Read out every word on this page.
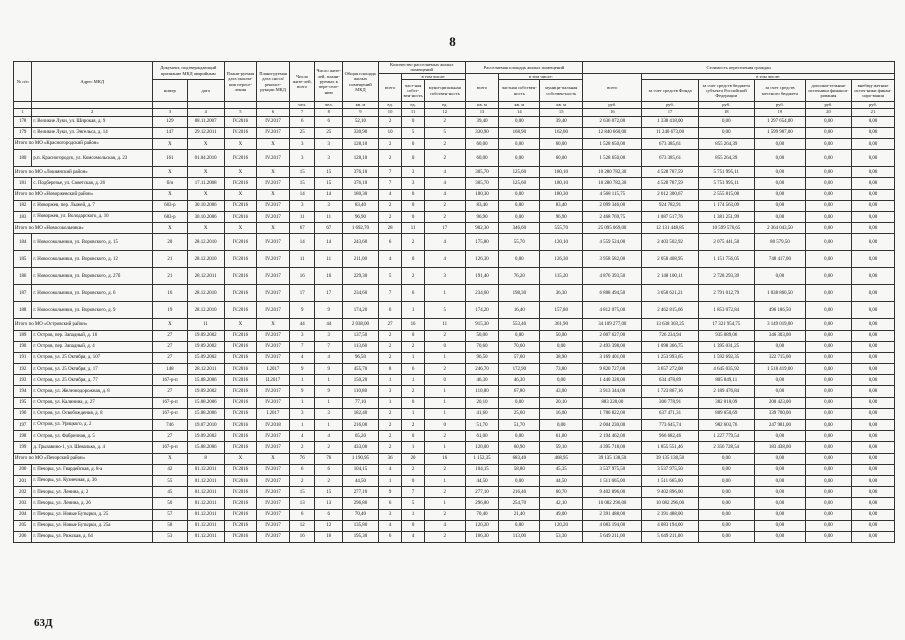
8
№ п/п	Адрес МКД	Документ, подтверждающий признание МКД аварийным		Плани-руемая дата оконча-ния пересе-ления	Плани-руемая дата сноса/ реконст-рукции МКД	Число жите-лей, всего	Число жите-лей, плани-руемых к пере-селе-нию	Общая площадь жилых помещений МКД	Количество расселяемых жилых помещений			Расселяемая площадь жилых помещений			Стоимость переселения граждан					
									всего	в том числе:		всего	в том числе:		всего	в том числе:				
		номер	дата							част-ная собст-вен-ность	муни-ципальная собствен-ность		частная собствен-ность	муници-пальная собствен-ность		за счет средств Фонда	за счет средств бюджета субъекта Российской Федерации	за счет средств местного бюджета	дополни-тельные источники финанси-рования	внебюд-жетные источ-ники финан-сиро-вания

						чел.	чел.	кв. м	ед.	ед.	ед.	кв. м	кв. м	кв. м	руб.	руб.	руб.	руб.	руб.	руб.
1	2	3	4	5	6	7	8	9	10	11	12	13	14	15	16	17	18	19	20	21
178	г. Великие Луки, ул. Широкая, д. 9	129	08.11.2007	IV.2016	IV.2017	6	6	52,10	2	0	2	39,40	0,00	39,40	2 636 072,00	1 338 418,00	0,00	1 297 654,00	0,00	0,00
179	г. Великие Луки, ул. Энгельса, д. 14	147	29.12.2011	IV.2016	IV.2017	25	25	330,90	10	5	5	330,90	168,90	162,00	12 840 660,00	11 240 673,00	0,00	1 599 987,00	0,00	0,00
Итого по МО «Красногородский район»		X	X	X	X	3	3	128,10	2	0	2	60,00	0,00	60,00	1 528 650,00	673 385,61	855 264,39	0,00	0,00	0,00
180	р.п. Красногородск, ул. Комсомольская, д. 23	161	01.04.2010	IV.2016	IV.2017	3	3	128,10	2	0	2	60,00	0,00	60,00	1 528 650,00	673 385,61	855 264,39	0,00	0,00	0,00
Итого по МО «Локнянский район»		X	X	X	X	15	15	376,10	7	3	4	305,70	125,60	180,10	10 280 782,30	4 528 787,59	5 751 995,11	0,00	0,00	0,00
181	с. Подберезье, ул. Советская, д. 26	б/н	17.11.2008	IV.2016	IV.2017	15	15	376,10	7	3	4	305,70	125,60	180,10	10 280 782,30	4 528 787,59	5 751 995,11	0,00	0,00	0,00
Итого по МО «Новоржевский район»		X	X	X	X	14	14	180,30	4	0	4	180,30	0,00	180,30	4 568 115,75	2 012 300,67	2 555 815,08	0,00	0,00	0,00
182	г. Новоржев, пер. Лыжей, д. 7	683-р	30.10.2006	IV.2016	IV.2017	3	3	83,40	2	0	2	83,40	0,00	83,40	2 099 346,00	924 782,91	1 174 563,09	0,00	0,00	0,00
183	г. Новоржев, ул. Володарского, д. 10	683-р	30.10.2006	IV.2016	IV.2017	11	11	96,90	2	0	2	96,90	0,00	96,90	2 468 769,75	1 087 517,76	1 381 251,99	0,00	0,00	0,00
Итого по МО «Новосокольники»		X	X	X	X	67	67	1 692,70	28	11	17	902,30	346,60	555,70	25 095 069,00	12 131 448,85	10 599 576,65	2 364 043,50	0,00	0,00
184	г. Новосокольники, ул. Воровского, д. 15	20	28.12.2010	IV.2016	IV.2017	14	14	243,60	6	2	4	175,80	55,70	120,10	4 559 524,00	2 403 502,92	2 075 441,58	80 579,50	0,00	0,00
185	г. Новосокольники, ул. Воровского, д. 12	21	28.12.2010	IV.2016	IV.2017	11	11	211,00	4	0	4	126,30	0,00	126,30	3 958 582,00	2 058 408,95	1 151 756,05	748 417,00	0,00	0,00
186	г. Новосокольники, ул. Воровского, д. 27б	21	28.12.2011	IV.2016	IV.2017	16	16	229,30	5	2	3	191,40	76,20	115,20	4 876 393,50	2 148 100,11	2 728 293,39	0,00	0,00	0,00
187	г. Новосокольники, ул. Воровского, д. 6	16	28.12.2010	IV.2016	IV.2017	17	17	234,60	7	6	1	234,60	198,30	36,30	6 888 494,50	3 058 621,21	2 791 012,79	1 038 860,50	0,00	0,00
188	г. Новосокольники, ул. Воровского, д. 9	19	28.12.2010	IV.2016	IV.2017	9	9	174,20	6	1	5	174,20	16,40	157,80	4 812 075,00	2 462 815,66	1 853 072,84	496 186,50	0,00	0,00
Итого по МО «Островский район»		X	11	X	X	44	44	2 038,00	27	16	11	915,30	553,40	361,90	34 109 277,00	13 638 303,25	17 321 954,75	3 149 019,00	0,00	0,00
189	г. Остров, пер. Западный, д. 16	27	19.09.2002	IV.2016	IV.2017	3	3	137,50	2	0	2	50,00	0,00	50,00	2 007 627,00	726 234,94	935 089,06	346 303,00	0,00	0,00
190	г. Остров, пер. Западный, д. 4	27	19.09.2002	IV.2016	IV.2017	7	7	113,60	2	2	0	70,60	70,60	0,00	2 493 398,00	1 098 366,75	1 395 031,25	0,00	0,00	0,00
191	г. Остров, ул. 25 Октября, д. 107	27	15.09.2002	IV.2016	IV.2017	4	4	96,50	2	1	1	96,50	57,60	38,90	3 169 401,00	1 253 993,65	1 592 692,35	322 715,00	0,00	0,00
192	г. Остров, ул. 25 Октября, д. 17	148	28.12.2011	IV.2016	I.2017	9	9	455,70	8	6	2	246,70	172,90	73,80	9 820 727,00	3 657 272,08	4 645 035,92	1 518 419,00	0,00	0,00
193	г. Остров, ул. 25 Октября, д. 77	167-р-п	15.08.2006	IV.2016	II.2017	1	1	150,20	1	1	0	46,30	46,30	0,00	1 440 328,00	634 478,89	805 849,11	0,00	0,00	0,00
194	г. Остров, ул. Железнодорожная, д. 8	27	19.09.2002	IV.2016	IV.2017	9	9	110,80	3	2	1	110,80	67,80	43,00	3 913 344,00	1 723 867,16	2 189 476,84	0,00	0,00	0,00
195	г. Остров, ул. Калинина, д. 27	167-р-п	15.08.2006	IV.2016	IV.2017	1	1	77,10	1	0	1	20,10	0,00	20,10	883 220,00	300 778,91	382 018,09	200 423,00	0,00	0,00
196	г. Остров, ул. Освобождения, д. 8	167-р-п	15.08.2006	IV.2016	I.2017	3	3	182,40	2	1	1	41,60	25,60	16,00	1 786 822,00	637 471,31	809 650,69	339 700,00	0,00	0,00
197	г. Остров, ул. Урицкого, д. 2	746	19.07.2010	IV.2016	IV.2018	1	1	216,00	2	2	0	51,70	51,70	0,00	2 004 230,00	773 645,74	982 603,76	247 981,00	0,00	0,00
198	г. Остров, ул. Фабричная, д. 5	27	19.09.2002	IV.2016	IV.2017	4	4	65,20	2	0	2	61,00	0,00	61,00	2 194 462,00	966 682,46	1 227 779,54	0,00	0,00	0,00
199	д. Грызавино-1, ул. Шевалько, д. 4	167-р-п	15.08.2006	IV.2016	IV.2017	2	2	433,00	2	1	1	120,00	60,90	59,10	4 395 718,00	1 855 551,46	2 356 728,54	183 438,00	0,00	0,00
Итого по МО «Печорский район»		X	8	X	X	76	76	1 190,95	36	20	16	1 152,35	683,40	468,95	39 135 138,50	39 135 138,50	0,00	0,00	0,00	0,00
200	г. Печоры, ул. Гвардейская, д. 8-а	42	01.12.2011	IV.2016	IV.2017	6	6	104,15	4	2	2	104,15	58,80	45,35	3 537 975,50	3 537 975,50	0,00	0,00	0,00	0,00
201	г. Печоры, ул. Кузнечная, д. 36	55	01.12.2011	IV.2016	IV.2017	2	2	44,50	1	0	1	44,50	0,00	44,50	1 511 665,00	1 511 665,00	0,00	0,00	0,00	0,00
202	г. Печоры, ул. Ленина, д. 2	45	01.12.2011	IV.2016	IV.2017	15	15	277,10	9	7	2	277,10	216,40	60,70	9 402 896,00	9 402 896,00	0,00	0,00	0,00	0,00
203	г. Печоры, ул. Ленина, д. 26	50	01.12.2011	IV.2016	IV.2017	13	13	296,80	6	5	1	296,80	254,70	42,10	10 082 296,00	10 082 296,00	0,00	0,00	0,00	0,00
204	г. Печоры, ул. Новые Бутырки, д. 25	57	01.12.2011	IV.2016	IV.2017	6	6	70,40	3	1	2	70,40	21,40	49,00	2 391 488,00	2 391 488,00	0,00	0,00	0,00	0,00
205	г. Печоры, ул. Новые Бутырки, д. 25а	58	01.12.2011	IV.2016	IV.2017	12	12	135,80	4	0	4	120,20	0,00	120,20	4 083 194,00	4 083 194,00	0,00	0,00	0,00	0,00
206	г. Печоры, ул. Рижская, д. 64	53	01.12.2011	IV.2016	IV.2017	16	16	195,30	6	4	2	166,30	113,00	53,30	5 649 211,00	5 649 211,00	0,00	0,00	0,00	0,00
63Д
